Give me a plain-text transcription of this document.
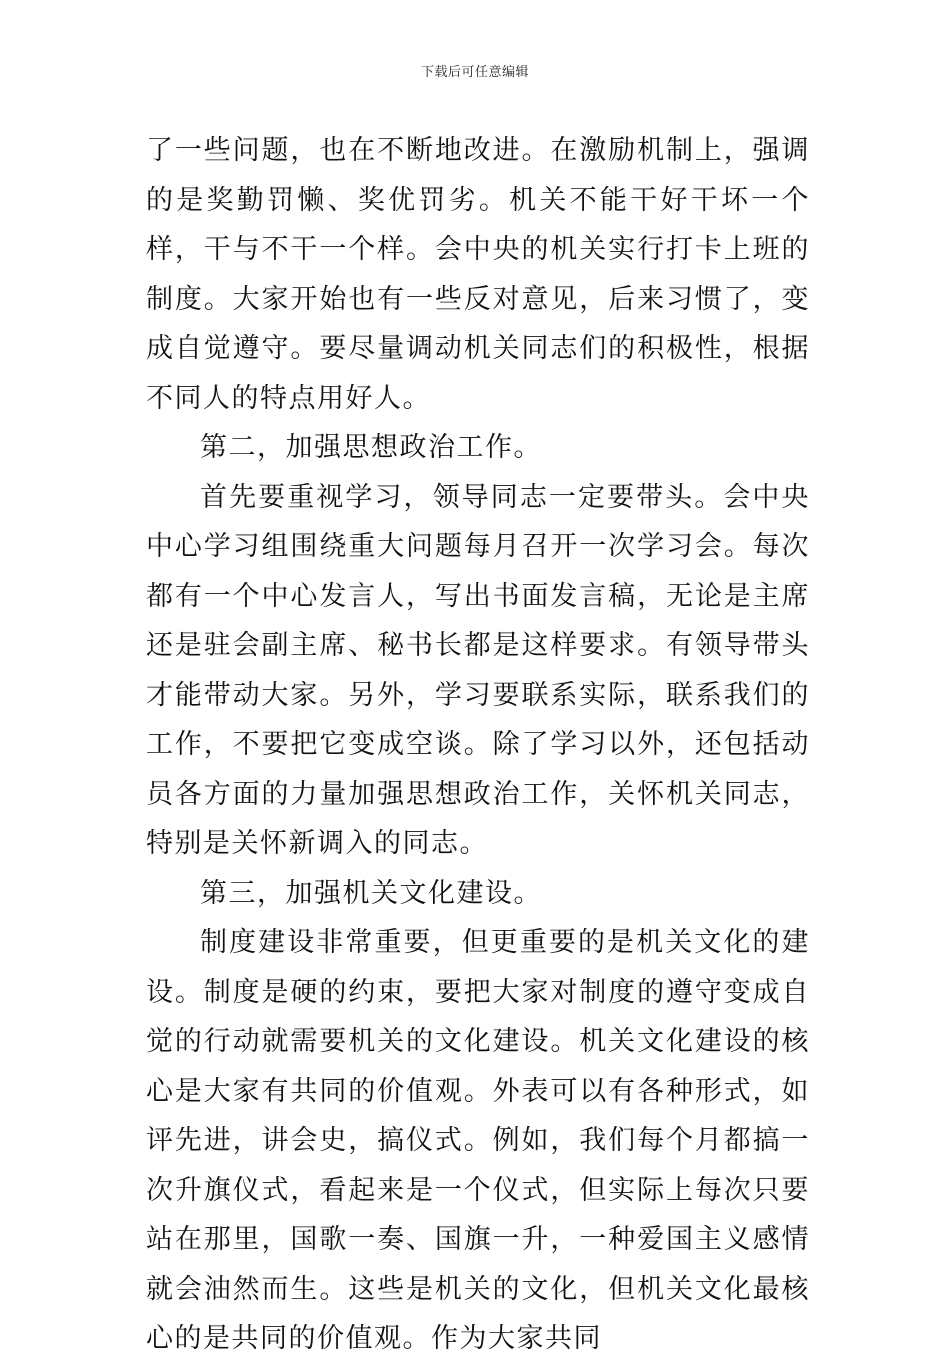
下载后可任意编辑

了一些问题，也在不断地改进。在激励机制上，强调的是奖勤罚懒、奖优罚劣。机关不能干好干坏一个样，干与不干一个样。会中央的机关实行打卡上班的制度。大家开始也有一些反对意见，后来习惯了，变成自觉遵守。要尽量调动机关同志们的积极性，根据不同人的特点用好人。

第二，加强思想政治工作。

首先要重视学习，领导同志一定要带头。会中央中心学习组围绕重大问题每月召开一次学习会。每次都有一个中心发言人，写出书面发言稿，无论是主席还是驻会副主席、秘书长都是这样要求。有领导带头才能带动大家。另外，学习要联系实际，联系我们的工作，不要把它变成空谈。除了学习以外，还包括动员各方面的力量加强思想政治工作，关怀机关同志，特别是关怀新调入的同志。

第三，加强机关文化建设。

制度建设非常重要，但更重要的是机关文化的建设。制度是硬的约束，要把大家对制度的遵守变成自觉的行动就需要机关的文化建设。机关文化建设的核心是大家有共同的价值观。外表可以有各种形式，如评先进，讲会史，搞仪式。例如，我们每个月都搞一次升旗仪式，看起来是一个仪式，但实际上每次只要站在那里，国歌一奏、国旗一升，一种爱国主义感情就会油然而生。这些是机关的文化，但机关文化最核心的是共同的价值观。作为大家共同
